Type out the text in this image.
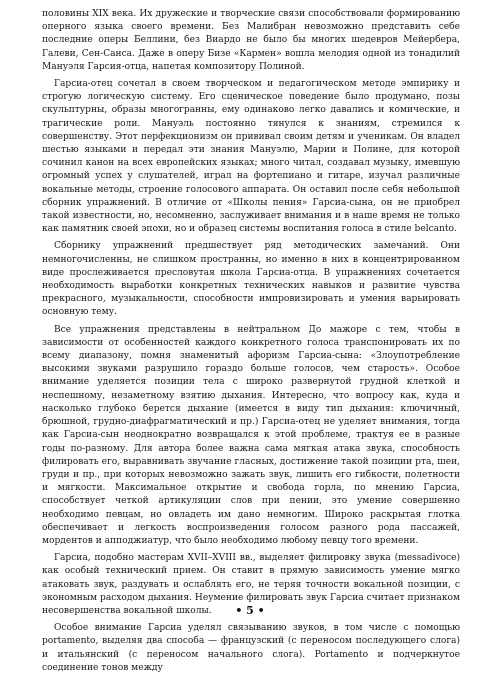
половины XIX века. Их дружеские и творческие связи способствовали формированию оперного языка своего времени. Без Малибран невозможно представить себе последние оперы Беллини, без Виардо не было бы многих шедевров Мейербера, Галеви, Сен-Санса. Даже в оперу Бизе «Кармен» вошла мелодия одной из тонадилий Мануэля Гарсия-отца, напетая композитору Полиной.

Гарсиа-отец сочетал в своем творческом и педагогическом методе эмпирику и строгую логическую систему. Его сценическое поведение было продумано, позы скульптурны, образы многогранны, ему одинаково легко давались и комические, и трагические роли. Мануэль постоянно тянулся к знаниям, стремился к совершенству. Этот перфекционизм он прививал своим детям и ученикам. Он владел шестью языками и передал эти знания Мануэлю, Марии и Полине, для которой сочинил канон на всех европейских языках; много читал, создавал музыку, имевшую огромный успех у слушателей, играл на фортепиано и гитаре, изучал различные вокальные методы, строение голосового аппарата. Он оставил после себя небольшой сборник упражнений. В отличие от «Школы пения» Гарсиа-сына, он не приобрел такой известности, но, несомненно, заслуживает внимания и в наше время не только как памятник своей эпохи, но и образец системы воспитания голоса в стиле belcanto.

Сборнику упражнений предшествует ряд методических замечаний. Они немногочисленны, не слишком пространны, но именно в них в концентрированном виде прослеживается пресловутая школа Гарсиа-отца. В упражнениях сочетается необходимость выработки конкретных технических навыков и развитие чувства прекрасного, музыкальности, способности импровизировать и умения варьировать основную тему.

Все упражнения представлены в нейтральном До мажоре с тем, чтобы в зависимости от особенностей каждого конкретного голоса транспонировать их по всему диапазону, помня знаменитый афоризм Гарсиа-сына: «Злоупотребление высокими звуками разрушило гораздо больше голосов, чем старость». Особое внимание уделяется позиции тела с широко развернутой грудной клеткой и неспешному, незаметному взятию дыхания. Интересно, что вопросу как, куда и насколько глубоко берется дыхание (имеется в виду тип дыхания: ключичный, брюшной, грудно-диафрагматический и пр.) Гарсиа-отец не уделяет внимания, тогда как Гарсиа-сын неоднократно возвращался к этой проблеме, трактуя ее в разные годы по-разному. Для автора более важна сама мягкая атака звука, способность филировать его, выравнивать звучание гласных, достижение такой позиции рта, шеи, груди и пр., при которых невозможно зажать звук, лишить его гибкости, полетности и мягкости. Максимальное открытие и свобода горла, по мнению Гарсиа, способствует четкой артикуляции слов при пении, это умение совершенно необходимо певцам, но овладеть им дано немногим. Широко раскрытая глотка обеспечивает и легкость воспроизведения голосом разного рода пассажей, мордентов и апподжиатур, что было необходимо любому певцу того времени.

Гарсиа, подобно мастерам XVII–XVIII вв., выделяет филировку звука (messadivoce) как особый технический прием. Он ставит в прямую зависимость умение мягко атаковать звук, раздувать и ослаблять его, не теряя точности вокальной позиции, с экономным расходом дыхания. Неумение филировать звук Гарсиа считает признаком несовершенства вокальной школы.

Особое внимание Гарсиа уделял связыванию звуков, в том числе с помощью portamento, выделяя два способа — французский (с переносом последующего слога) и итальянский (с переносом начального слога). Portamento и подчеркнутое соединение тонов между

• 5 •
